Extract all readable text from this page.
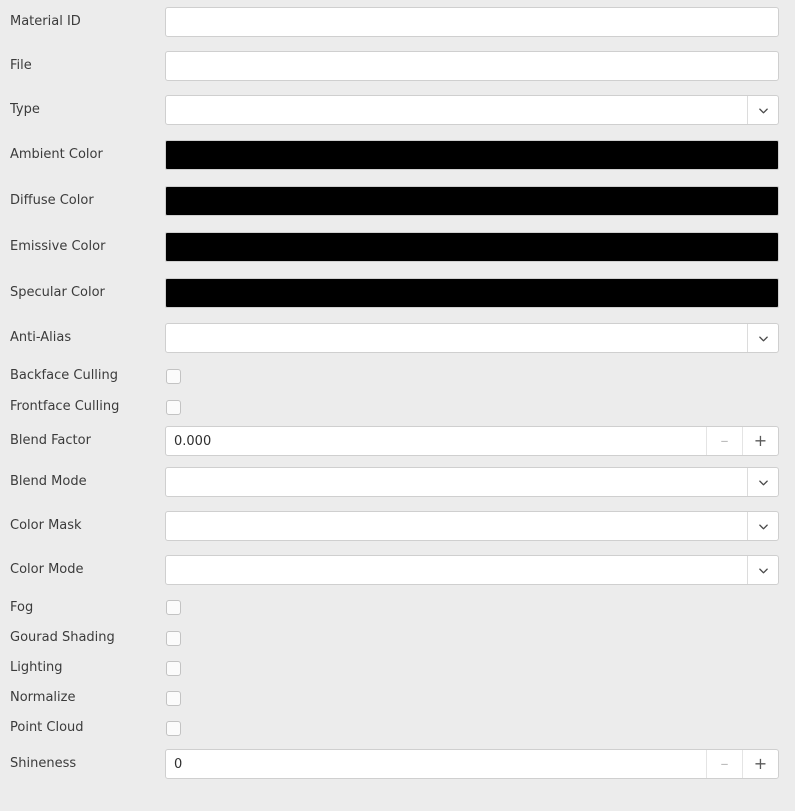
Material ID
File
Type
Ambient Color
Diffuse Color
Emissive Color
Specular Color
Anti-Alias
Backface Culling
Frontface Culling
Blend Factor	0.000	–	+
Blend Mode
Color Mask
Color Mode
Fog
Gourad Shading
Lighting
Normalize
Point Cloud
Shineness	0	–	+
